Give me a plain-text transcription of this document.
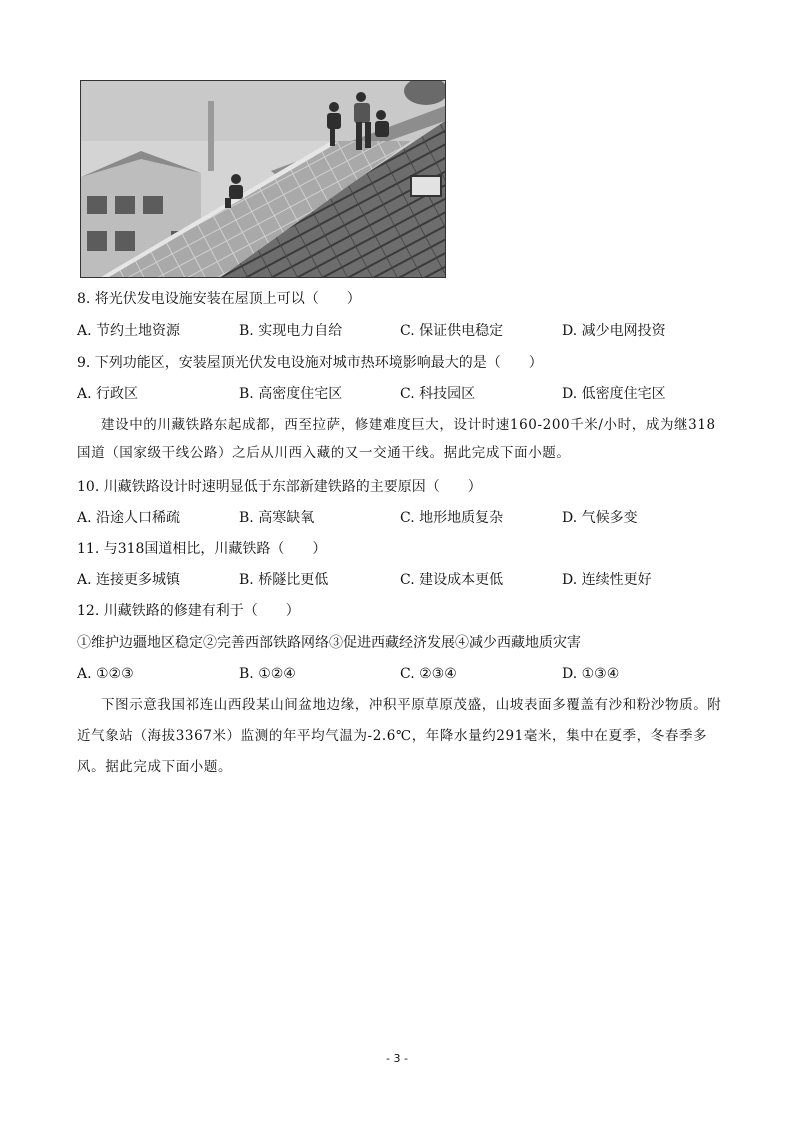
8. 将光伏发电设施安装在屋顶上可以（　　）
A. 节约土地资源	B. 实现电力自给	C. 保证供电稳定	D. 减少电网投资
9. 下列功能区，安装屋顶光伏发电设施对城市热环境影响最大的是（　　）
A. 行政区	B. 高密度住宅区	C. 科技园区	D. 低密度住宅区
建设中的川藏铁路东起成都，西至拉萨，修建难度巨大，设计时速160-200千米/小时，成为继318国道（国家级干线公路）之后从川西入藏的又一交通干线。据此完成下面小题。
10. 川藏铁路设计时速明显低于东部新建铁路的主要原因（　　）
A. 沿途人口稀疏	B. 高寒缺氧	C. 地形地质复杂	D. 气候多变
11. 与318国道相比，川藏铁路（　　）
A. 连接更多城镇	B. 桥隧比更低	C. 建设成本更低	D. 连续性更好
12. 川藏铁路的修建有利于（　　）
①维护边疆地区稳定②完善西部铁路网络③促进西藏经济发展④减少西藏地质灾害
A. ①②③	B. ①②④	C. ②③④	D. ①③④
下图示意我国祁连山西段某山间盆地边缘，冲积平原草原茂盛，山坡表面多覆盖有沙和粉沙物质。附近气象站（海拔3367米）监测的年平均气温为-2.6℃，年降水量约291毫米，集中在夏季，冬春季多风。据此完成下面小题。
- 3 -
